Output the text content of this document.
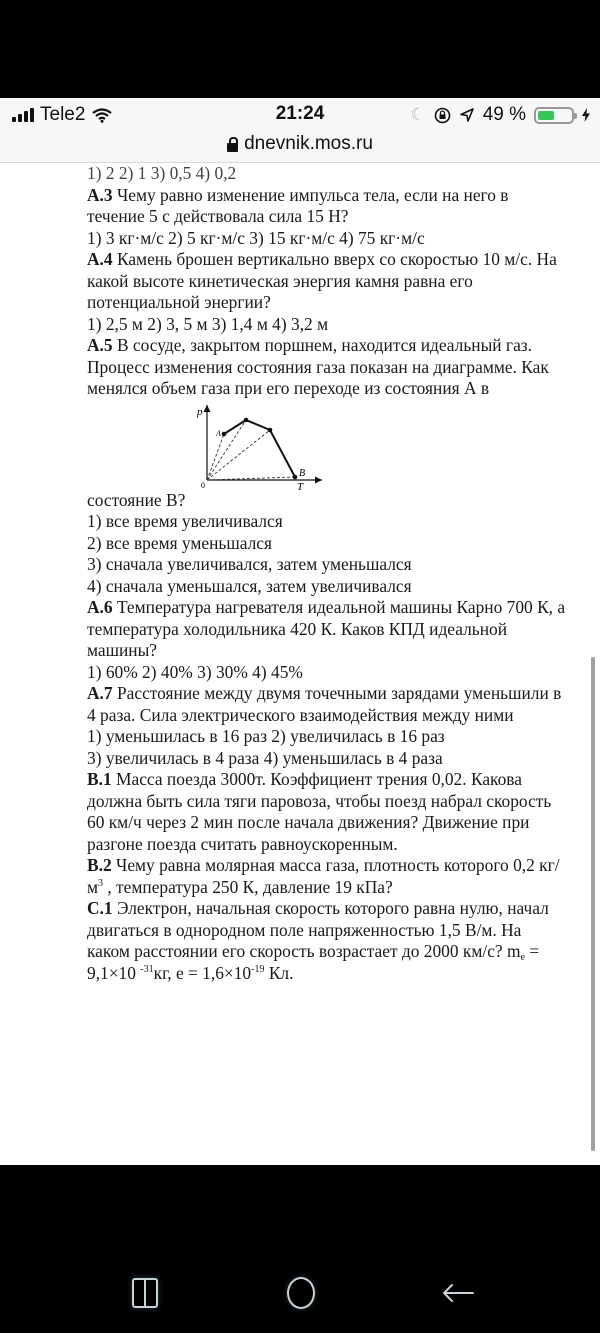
Tele2	21:24	☾	49 %
dnevnik.mos.ru

1) 2 2) 1 3) 0,5 4) 0,2

А.3 Чему равно изменение импульса тела, если на него в течение 5 с действовала сила 15 Н?

1) 3 кг·м/с 2) 5 кг·м/с 3) 15 кг·м/с 4) 75 кг·м/с

А.4 Камень брошен вертикально вверх со скоростью 10 м/с. На какой высоте кинетическая энергия камня равна его потенциальной энергии?

1) 2,5 м 2) 3, 5 м 3) 1,4 м 4) 3,2 м

А.5 В сосуде, закрытом поршнем, находится идеальный газ. Процесс изменения состояния газа показан на диаграмме. Как менялся объем газа при его переходе из состояния А в

p
T
0
A
B

состояние В?

1) все время увеличивался

2) все время уменьшался

3) сначала увеличивался, затем уменьшался

4) сначала уменьшался, затем увеличивался

А.6 Температура нагревателя идеальной машины Карно 700 К, а температура холодильника 420 К. Каков КПД идеальной машины?

1) 60% 2) 40% 3) 30% 4) 45%

А.7 Расстояние между двумя точечными зарядами уменьшили в 4 раза. Сила электрического взаимодействия между ними

1) уменьшилась в 16 раз 2) увеличилась в 16 раз

3) увеличилась в 4 раза 4) уменьшилась в 4 раза

В.1 Масса поезда 3000т. Коэффициент трения 0,02. Какова должна быть сила тяги паровоза, чтобы поезд набрал скорость 60 км/ч через 2 мин после начала движения? Движение при разгоне поезда считать равноускоренным.

В.2 Чему равна молярная масса газа, плотность которого 0,2 $кг/м^3$ , температура 250 К, давление 19 кПа?

С.1 Электрон, начальная скорость которого равна нулю, начал двигаться в однородном поле напряженностью 1,5 В/м. На каком расстоянии его скорость возрастает до 2000 км/с? $m_e = 9,1\times 10$ $^{-31}$кг, $е = 1,6\times 10^{-19}$ Кл.
